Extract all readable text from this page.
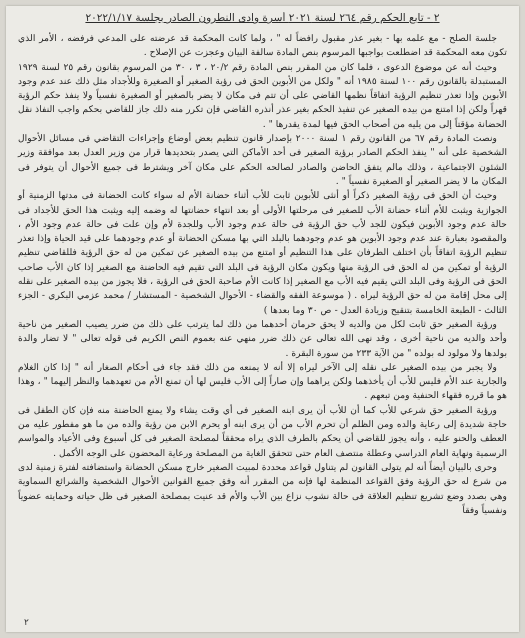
٢ - تابع الحكم رقم ٢٦٤ لسنة ٢٠٢١ أسرة وادى النطرون الصادر بجلسة ٢٠٢٢/١/١٧

جلسة الصلح - مع علمه بها - بغير عذر مقبول رافضاً له " ، ولما كانت المحكمة قد عرضته على المدعي فرفضه ، الأمر الذي تكون معه المحكمة قد اضطلعت بواجبها المرسوم بنص المادة سالفة البيان وعجزت عن الإصلاح .

وحيث أنه عن موضوع الدعوى ، فلما كان من المقرر بنص المادة رقم ٢٠/٢ ، ٣ ، ٣٠ من المرسوم بقانون رقم ٢٥ لسنة ١٩٢٩ المستبدلة بالقانون رقم ١٠٠ لسنة ١٩٨٥ أنه " ولكل من الأبوين الحق فى رؤية الصغير أو الصغيرة وللأجداد مثل ذلك عند عدم وجود الأبوين وإذا تعذر تنظيم الرؤية اتفاقاً نظمها القاضي على أن تتم فى مكان لا يضر بالصغير أو الصغيرة نفسياً ولا ينفذ حكم الرؤية قهراً ولكن إذا امتنع من بيده الصغير عن تنفيذ الحكم بغير عذر أنذره القاضي فإن تكرر منه ذلك جاز للقاضي بحكم واجب النفاذ نقل الحضانة مؤقتاً إلى من يليه من أصحاب الحق فيها لمدة يقدرها " .

ونصت المادة رقم ٦٧ من القانون رقم ١ لسنة ٢٠٠٠ بإصدار قانون تنظيم بعض أوضاع وإجراءات التقاضي فى مسائل الأحوال الشخصية على أنه " ينفذ الحكم الصادر برؤية الصغير فى أحد الأماكن التي يصدر بتحديدها قرار من وزير العدل بعد موافقة وزير الشئون الاجتماعية ، وذلك مالم يتفق الحاضن والصادر لصالحه الحكم على مكان آخر ويشترط فى جميع الأحوال أن يتوفر فى المكان ما لا يضر الصغير أو الصغيرة نفسياً " .

وحيث أن الحق فى رؤية الصغير ذكراً أو أنثى للأبوين ثابت للأب أثناء حضانة الأم له سواء كانت الحضانة فى مدتها الزمنية أو الجوازية ويثبت للأم أثناء حضانة الأب للصغير فى مرحلتها الأولى أو بعد انتهاء حضانتها له وضمه إليه ويثبت هذا الحق للأجداد فى حالة عدم وجود الأبوين فيكون للجد لأب حق الرؤية فى حالة عدم وجود الأب وللجدة لأم وإن علت فى حالة عدم وجود الأم ، والمقصود بعبارة عند عدم وجود الأبوين هو عدم وجودهما بالبلد التي بها مسكن الحضانة أو عدم وجودهما على قيد الحياة وإذا تعذر تنظيم الرؤية اتفاقاً بأن اختلف الطرفان على هذا التنظيم أو امتنع من بيده الصغير عن تمكين من له حق الرؤية فللقاضي تنظيم الرؤية أو تمكين من له الحق فى الرؤية منها ويكون مكان الرؤية فى البلد التي تقيم فيه الحاضنة مع الصغير إذا كان الأب صاحب الحق فى الرؤية وفى البلد التي يقيم فيه الأب مع الصغير إذا كانت الأم صاحبة الحق فى الرؤية ، فلا يجوز من بيده الصغير على نقله إلى محل إقامة من له حق الرؤية ليراه . ( موسوعة الفقه والقضاء - الأحوال الشخصية - المستشار / محمد عزمي البكري - الجزء الثالث - الطبعة الخامسة بتنقيح وزيادة العدل - ص ٣٠ وما بعدها )

ورؤية الصغير حق ثابت لكل من والديه لا يحق حرمان أحدهما من ذلك لما يترتب على ذلك من ضرر يصيب الصغير من ناحية وأحد والديه من ناحية أخرى ، وقد نهى الله تعالى عن ذلك ضرر منهي عنه بعموم النص الكريم فى قوله تعالى " لا تضار والدة بولدها ولا مولود له بولده " من الآية ٢٣٣ من سورة البقرة .

ولا يجبر من بيده الصغير على نقله إلى الآخر ليراه إلا أنه لا يمنعه من ذلك فقد جاء فى أحكام الصغار أنه " إذا كان الغلام والجارية عند الأم فليس للأب أن يأخذهما ولكن يراهما وإن صاراً إلى الأب فليس لها أن تمنع الأم من تعهدهما والنظر إليهما " ، وهذا هو ما قرره فقهاء الحنفية ومن تبعهم .

ورؤية الصغير حق شرعي للأب كما أن للأب أن يرى ابنه الصغير فى أي وقت يشاء ولا يمنع الحاضنة منه فإن كان الطفل فى حاجة شديدة إلى رعاية والده ومن الظلم أن تحرم الأب من أن يرى ابنه أو يحرم الابن من رؤية والده من ما هو مفطور عليه من العطف والحنو عليه ، وأنه يجوز للقاضي أن يحكم بالطرف الذي يراه محققاً لمصلحة الصغير فى كل أسبوع وفى الأعياد والمواسم الرسمية ونهاية العام الدراسي وعطلة منتصف العام حتى تتحقق الغاية من المصلحة ورعاية المحضون على الوجه الأكمل .

وحرى بالبيان أيضاً أنه لم يتولى القانون لم يتناول قواعد محددة لمبيت الصغير خارج مسكن الحضانة واستضافته لفترة زمنية لدى من شرع له حق الرؤية وفق القواعد المنظمة لها فإنه من المقرر أنه وفق جميع القوانين الأحوال الشخصية والشرائع السماوية وهي بصدد وضع تشريع تنظيم العلاقة فى حالة نشوب نزاع بين الأب والأم قد عنيت بمصلحة الصغير فى ظل حياته وحمايته عضوياً ونفسياً وفقاً

٢
